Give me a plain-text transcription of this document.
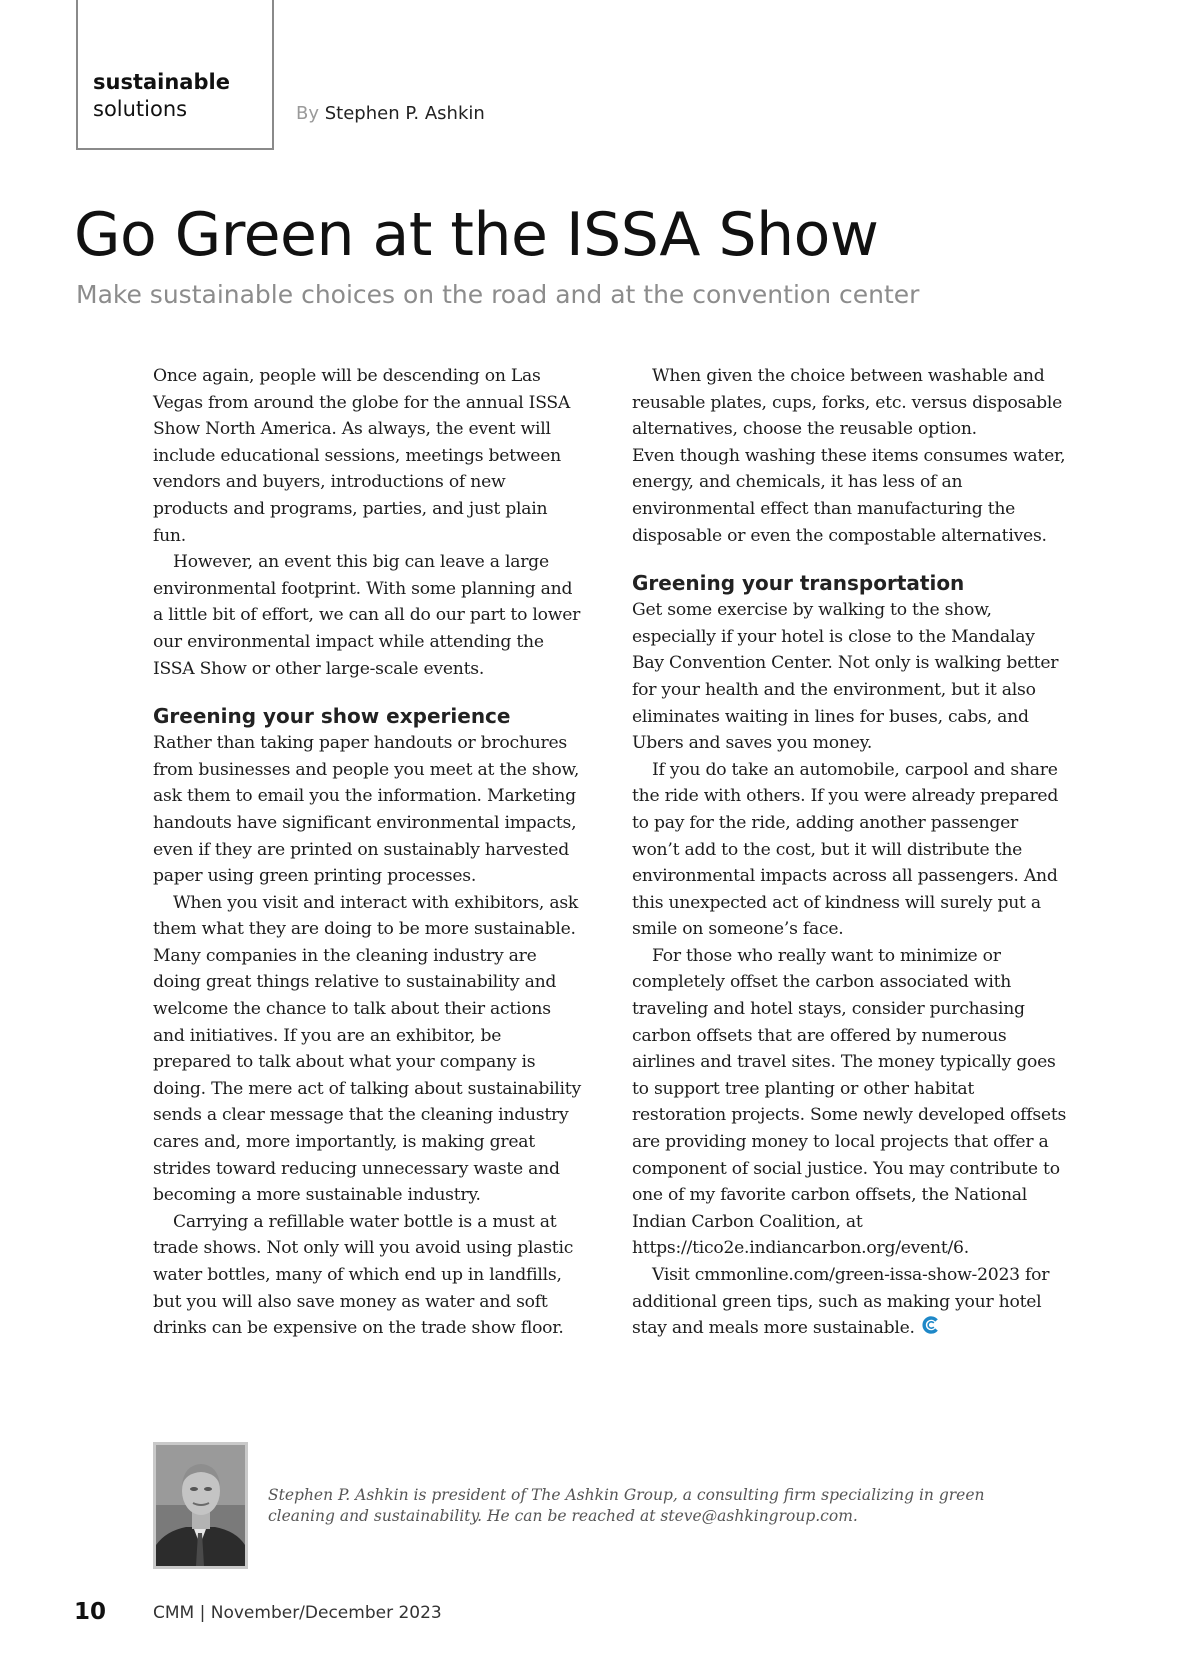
sustainable
solutions	By Stephen P. Ashkin
Go Green at the ISSA Show

Make sustainable choices on the road and at the convention center

Once again, people will be descending on Las Vegas from around the globe for the annual ISSA Show North America. As always, the event will include educational sessions, meetings between vendors and buyers, introductions of new products and programs, parties, and just plain fun.

However, an event this big can leave a large environmental footprint. With some planning and a little bit of effort, we can all do our part to lower our environmental impact while attending the ISSA Show or other large-scale events.

Greening your show experience

Rather than taking paper handouts or brochures from businesses and people you meet at the show, ask them to email you the information. Marketing handouts have significant environmental impacts, even if they are printed on sustainably harvested paper using green printing processes.

When you visit and interact with exhibitors, ask them what they are doing to be more sustainable. Many companies in the cleaning industry are doing great things relative to sustainability and welcome the chance to talk about their actions and initiatives. If you are an exhibitor, be prepared to talk about what your company is doing. The mere act of talking about sustainability sends a clear message that the cleaning industry cares and, more importantly, is making great strides toward reducing unnecessary waste and becoming a more sustainable industry.

Carrying a refillable water bottle is a must at trade shows. Not only will you avoid using plastic water bottles, many of which end up in landfills, but you will also save money as water and soft drinks can be expensive on the trade show floor.

When given the choice between washable and reusable plates, cups, forks, etc. versus disposable alternatives, choose the reusable option.

Even though washing these items consumes water, energy, and chemicals, it has less of an environmental effect than manufacturing the disposable or even the compostable alternatives.

Greening your transportation

Get some exercise by walking to the show, especially if your hotel is close to the Mandalay Bay Convention Center. Not only is walking better for your health and the environment, but it also eliminates waiting in lines for buses, cabs, and Ubers and saves you money.

If you do take an automobile, carpool and share the ride with others. If you were already prepared to pay for the ride, adding another passenger won’t add to the cost, but it will distribute the environmental impacts across all passengers. And this unexpected act of kindness will surely put a smile on someone’s face.

For those who really want to minimize or completely offset the carbon associated with traveling and hotel stays, consider purchasing carbon offsets that are offered by numerous airlines and travel sites. The money typically goes to support tree planting or other habitat restoration projects. Some newly developed offsets are providing money to local projects that offer a component of social justice. You may contribute to one of my favorite carbon offsets, the National Indian Carbon Coalition, at https://tico2e.indiancarbon.org/event/6.

Visit cmmonline.com/green-issa-show-2023 for additional green tips, such as making your hotel stay and meals more sustainable.

Stephen P. Ashkin is president of The Ashkin Group, a consulting firm specializing in green cleaning and sustainability. He can be reached at steve@ashkingroup.com.
10	CMM | November/December 2023
